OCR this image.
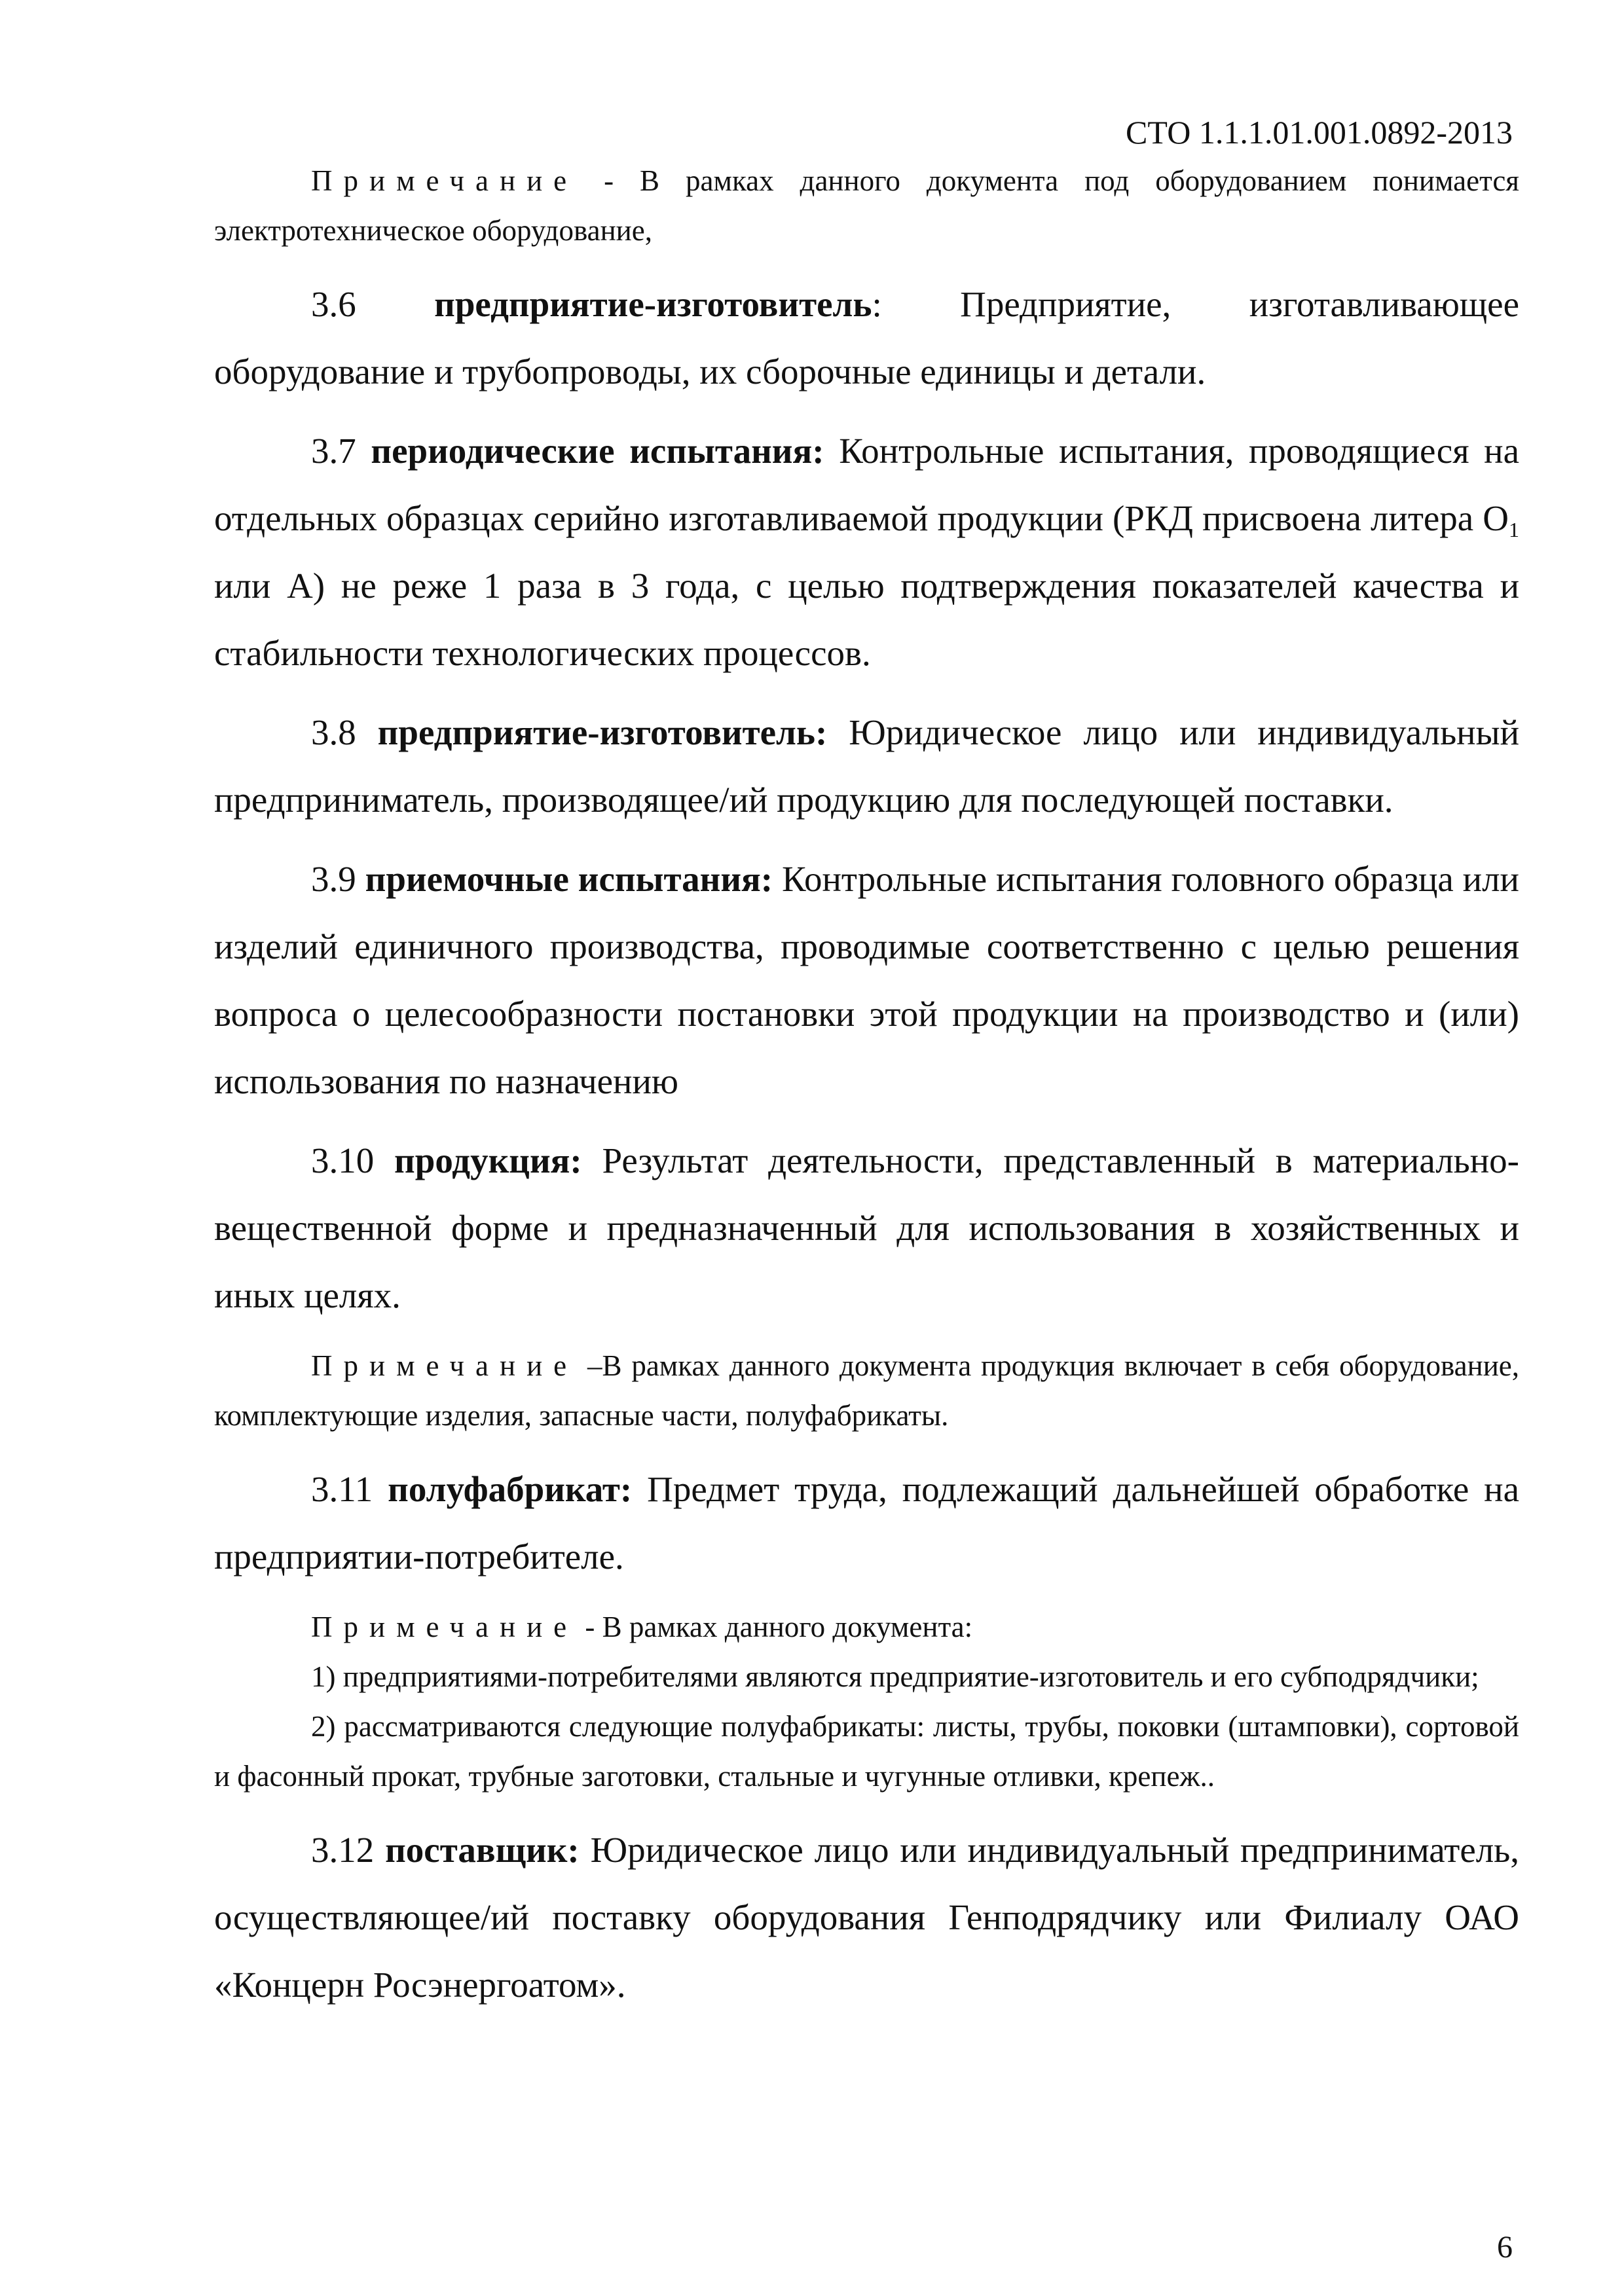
СТО 1.1.1.01.001.0892-2013

Примечание - В рамках данного документа под оборудованием понимается электротехническое оборудование,

3.6 предприятие-изготовитель: Предприятие, изготавливающее оборудование и трубопроводы, их сборочные единицы и детали.

3.7 периодические испытания: Контрольные испытания, проводящиеся на отдельных образцах серийно изготавливаемой продукции (РКД присвоена литера $О_1$ или А) не реже 1 раза в 3 года, с целью подтверждения показателей качества и стабильности технологических процессов.

3.8 предприятие-изготовитель: Юридическое лицо или индивидуальный предприниматель, производящее/ий продукцию для последующей поставки.

3.9 приемочные испытания: Контрольные испытания головного образца или изделий единичного производства, проводимые соответственно с целью решения вопроса о целесообразности постановки этой продукции на производство и (или) использования по назначению

3.10 продукция: Результат деятельности, представленный в материально-вещественной форме и предназначенный для использования в хозяйственных и иных целях.

Примечание –В рамках данного документа продукция включает в себя оборудование, комплектующие изделия, запасные части, полуфабрикаты.

3.11 полуфабрикат: Предмет труда, подлежащий дальнейшей обработке на предприятии-потребителе.

Примечание - В рамках данного документа:

1) предприятиями-потребителями являются предприятие-изготовитель и его субподрядчики;

2) рассматриваются следующие полуфабрикаты: листы, трубы, поковки (штамповки), сортовой и фасонный прокат, трубные заготовки, стальные и чугунные отливки, крепеж..

3.12 поставщик: Юридическое лицо или индивидуальный предприниматель, осуществляющее/ий поставку оборудования Генподрядчику или Филиалу ОАО «Концерн Росэнергоатом».

6
